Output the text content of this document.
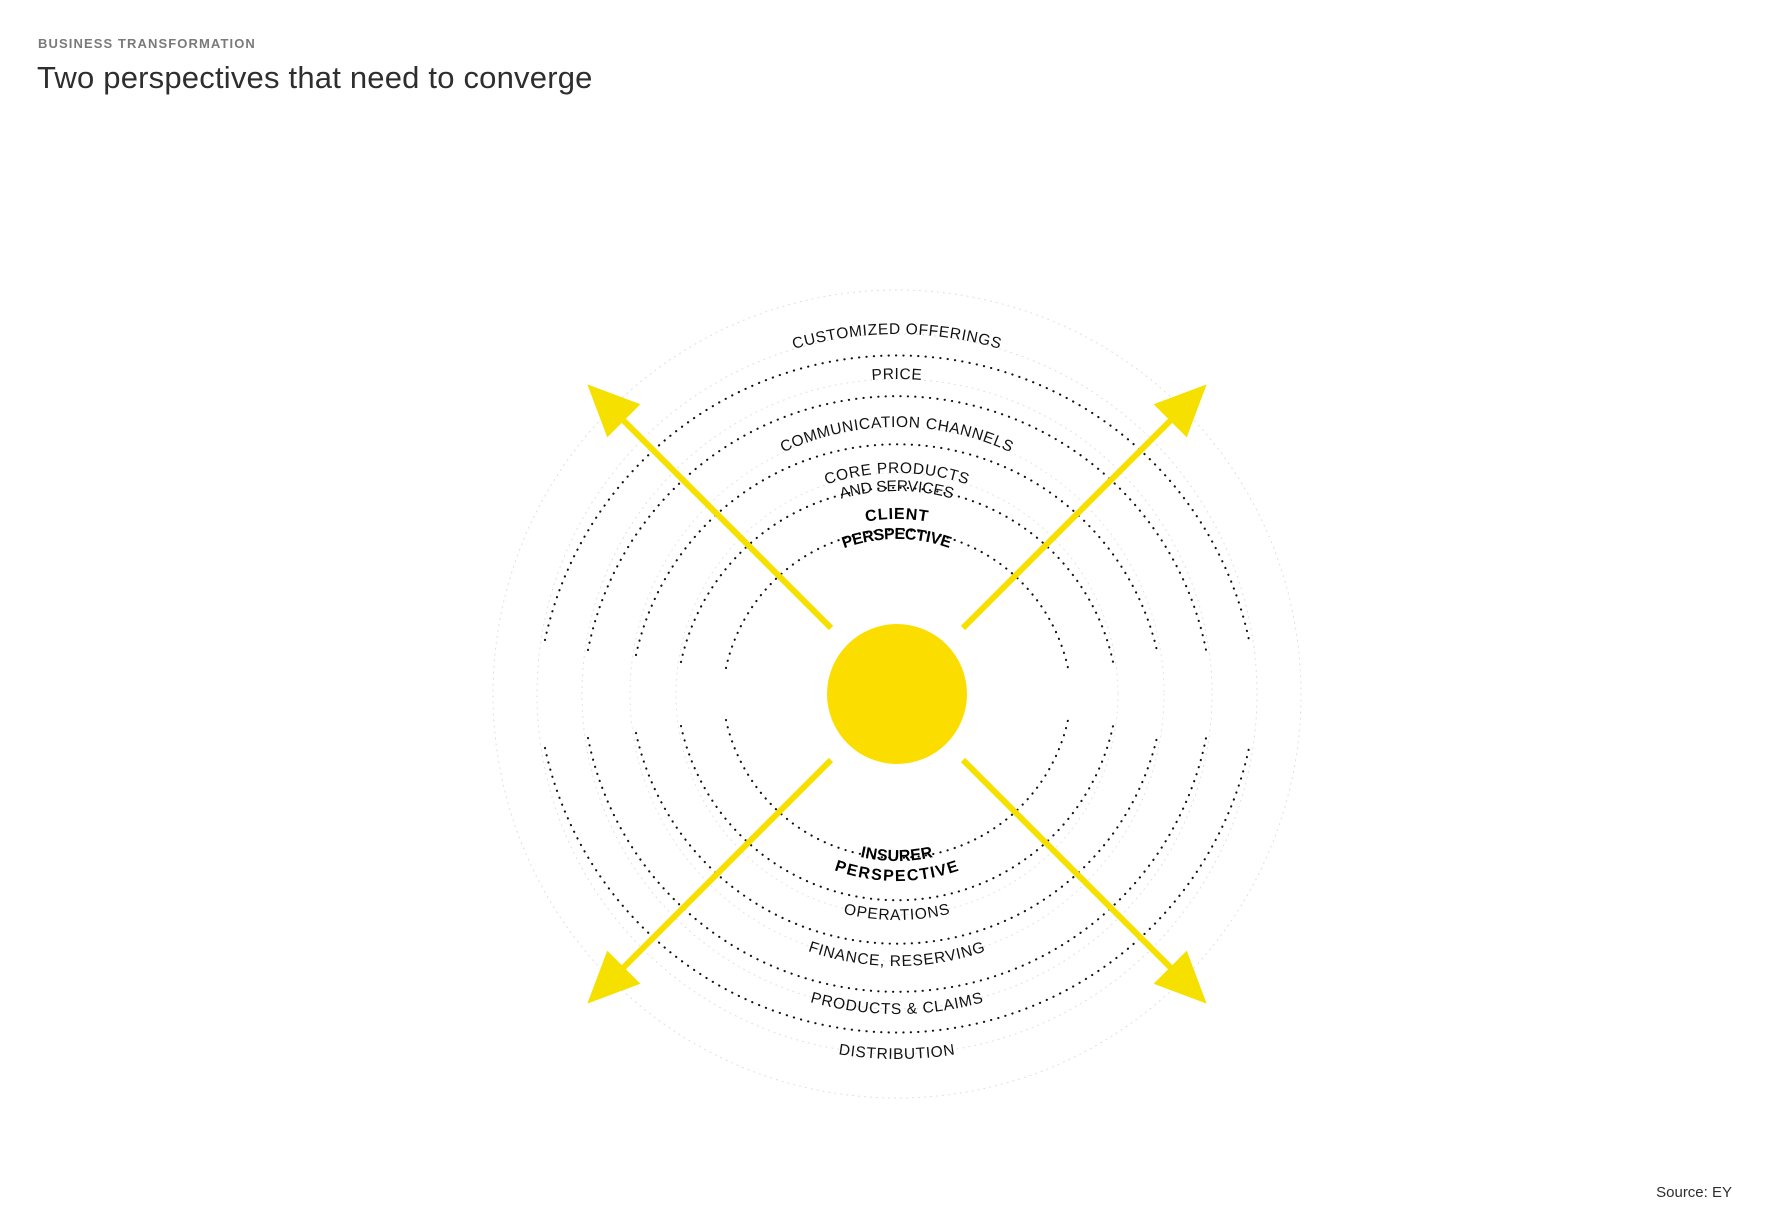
BUSINESS TRANSFORMATION
Two perspectives that need to converge
CUSTOMIZED OFFERINGS
PRICE
COMMUNICATION CHANNELS
CORE PRODUCTS
AND SERVICES
CLIENT
PERSPECTIVE
INSURER
PERSPECTIVE
OPERATIONS
FINANCE, RESERVING
PRODUCTS & CLAIMS
DISTRIBUTION
Source: EY
